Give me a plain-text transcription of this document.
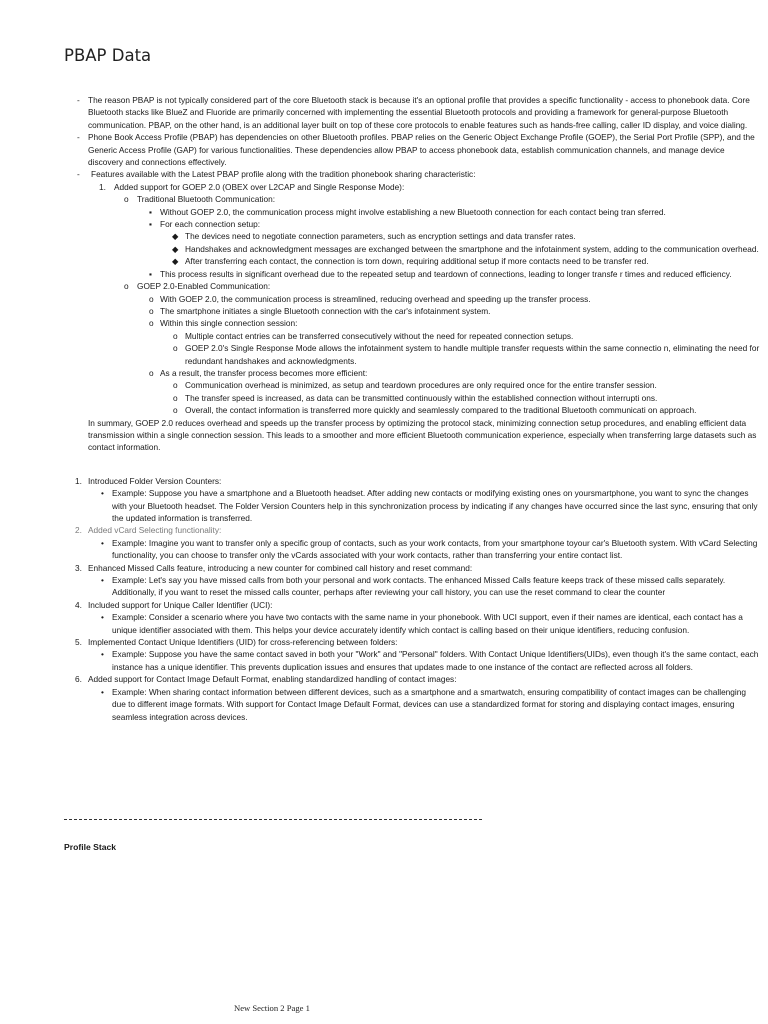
PBAP Data
- The reason PBAP is not typically considered part of the core Bluetooth stack is because it's an optional profile that provides a specific functionality - access to phonebook data. Core Bluetooth stacks like BlueZ and Fluoride are primarily concerned with implementing the essential Bluetooth protocols and providing a framework for general-purpose Bluetooth communication. PBAP, on the other hand, is an additional layer built on top of these core protocols to enable features such as hands-free calling, caller ID display, and voice dialing.
- Phone Book Access Profile (PBAP) has dependencies on other Bluetooth profiles. PBAP relies on the Generic Object Exchange Profile (GOEP), the Serial Port Profile (SPP), and the Generic Access Profile (GAP) for various functionalities. These dependencies allow PBAP to access phonebook data, establish communication channels, and manage device discovery and connections effectively.
- Features available with the Latest PBAP profile along with the tradition phonebook sharing characteristic:
1. Added support for GOEP 2.0 (OBEX over L2CAP and Single Response Mode):
o Traditional Bluetooth Communication:
▪ Without GOEP 2.0, the communication process might involve establishing a new Bluetooth connection for each contact being tran sferred.
▪ For each connection setup:
◆ The devices need to negotiate connection parameters, such as encryption settings and data transfer rates.
◆ Handshakes and acknowledgment messages are exchanged between the smartphone and the infotainment system, adding to the communication overhead.
◆ After transferring each contact, the connection is torn down, requiring additional setup if more contacts need to be transfer red.
▪ This process results in significant overhead due to the repeated setup and teardown of connections, leading to longer transfe r times and reduced efficiency.
o GOEP 2.0-Enabled Communication:
o With GOEP 2.0, the communication process is streamlined, reducing overhead and speeding up the transfer process.
o The smartphone initiates a single Bluetooth connection with the car's infotainment system.
o Within this single connection session:
o Multiple contact entries can be transferred consecutively without the need for repeated connection setups.
o GOEP 2.0's Single Response Mode allows the infotainment system to handle multiple transfer requests within the same connectio n, eliminating the need for redundant handshakes and acknowledgments.
o As a result, the transfer process becomes more efficient:
o Communication overhead is minimized, as setup and teardown procedures are only required once for the entire transfer session.
o The transfer speed is increased, as data can be transmitted continuously within the established connection without interrupti ons.
o Overall, the contact information is transferred more quickly and seamlessly compared to the traditional Bluetooth communicati on approach.
In summary, GOEP 2.0 reduces overhead and speeds up the transfer process by optimizing the protocol stack, minimizing connection setup procedures, and enabling efficient data transmission within a single connection session. This leads to a smoother and more efficient Bluetooth communication experience, especially when transferring large datasets such as contact information.
1. Introduced Folder Version Counters:
• Example: Suppose you have a smartphone and a Bluetooth headset. After adding new contacts or modifying existing ones on yoursmartphone, you want to sync the changes with your Bluetooth headset. The Folder Version Counters help in this synchronization process by indicating if any changes have occurred since the last sync, ensuring that only the updated information is transferred.
2. Added vCard Selecting functionality:
• Example: Imagine you want to transfer only a specific group of contacts, such as your work contacts, from your smartphone toyour car's Bluetooth system. With vCard Selecting functionality, you can choose to transfer only the vCards associated with your work contacts, rather than transferring your entire contact list.
3. Enhanced Missed Calls feature, introducing a new counter for combined call history and reset command:
• Example: Let's say you have missed calls from both your personal and work contacts. The enhanced Missed Calls feature keeps track of these missed calls separately. Additionally, if you want to reset the missed calls counter, perhaps after reviewing your call history, you can use the reset command to clear the counter
4. Included support for Unique Caller Identifier (UCI):
• Example: Consider a scenario where you have two contacts with the same name in your phonebook. With UCI support, even if their names are identical, each contact has a unique identifier associated with them. This helps your device accurately identify which contact is calling based on their unique identifiers, reducing confusion.
5. Implemented Contact Unique Identifiers (UID) for cross-referencing between folders:
• Example: Suppose you have the same contact saved in both your "Work" and "Personal" folders. With Contact Unique Identifiers(UIDs), even though it's the same contact, each instance has a unique identifier. This prevents duplication issues and ensures that updates made to one instance of the contact are reflected across all folders.
6. Added support for Contact Image Default Format, enabling standardized handling of contact images:
• Example: When sharing contact information between different devices, such as a smartphone and a smartwatch, ensuring compatibility of contact images can be challenging due to different image formats. With support for Contact Image Default Format, devices can use a standardized format for storing and displaying contact images, ensuring seamless integration across devices.
Profile Stack
New Section 2 Page 1
